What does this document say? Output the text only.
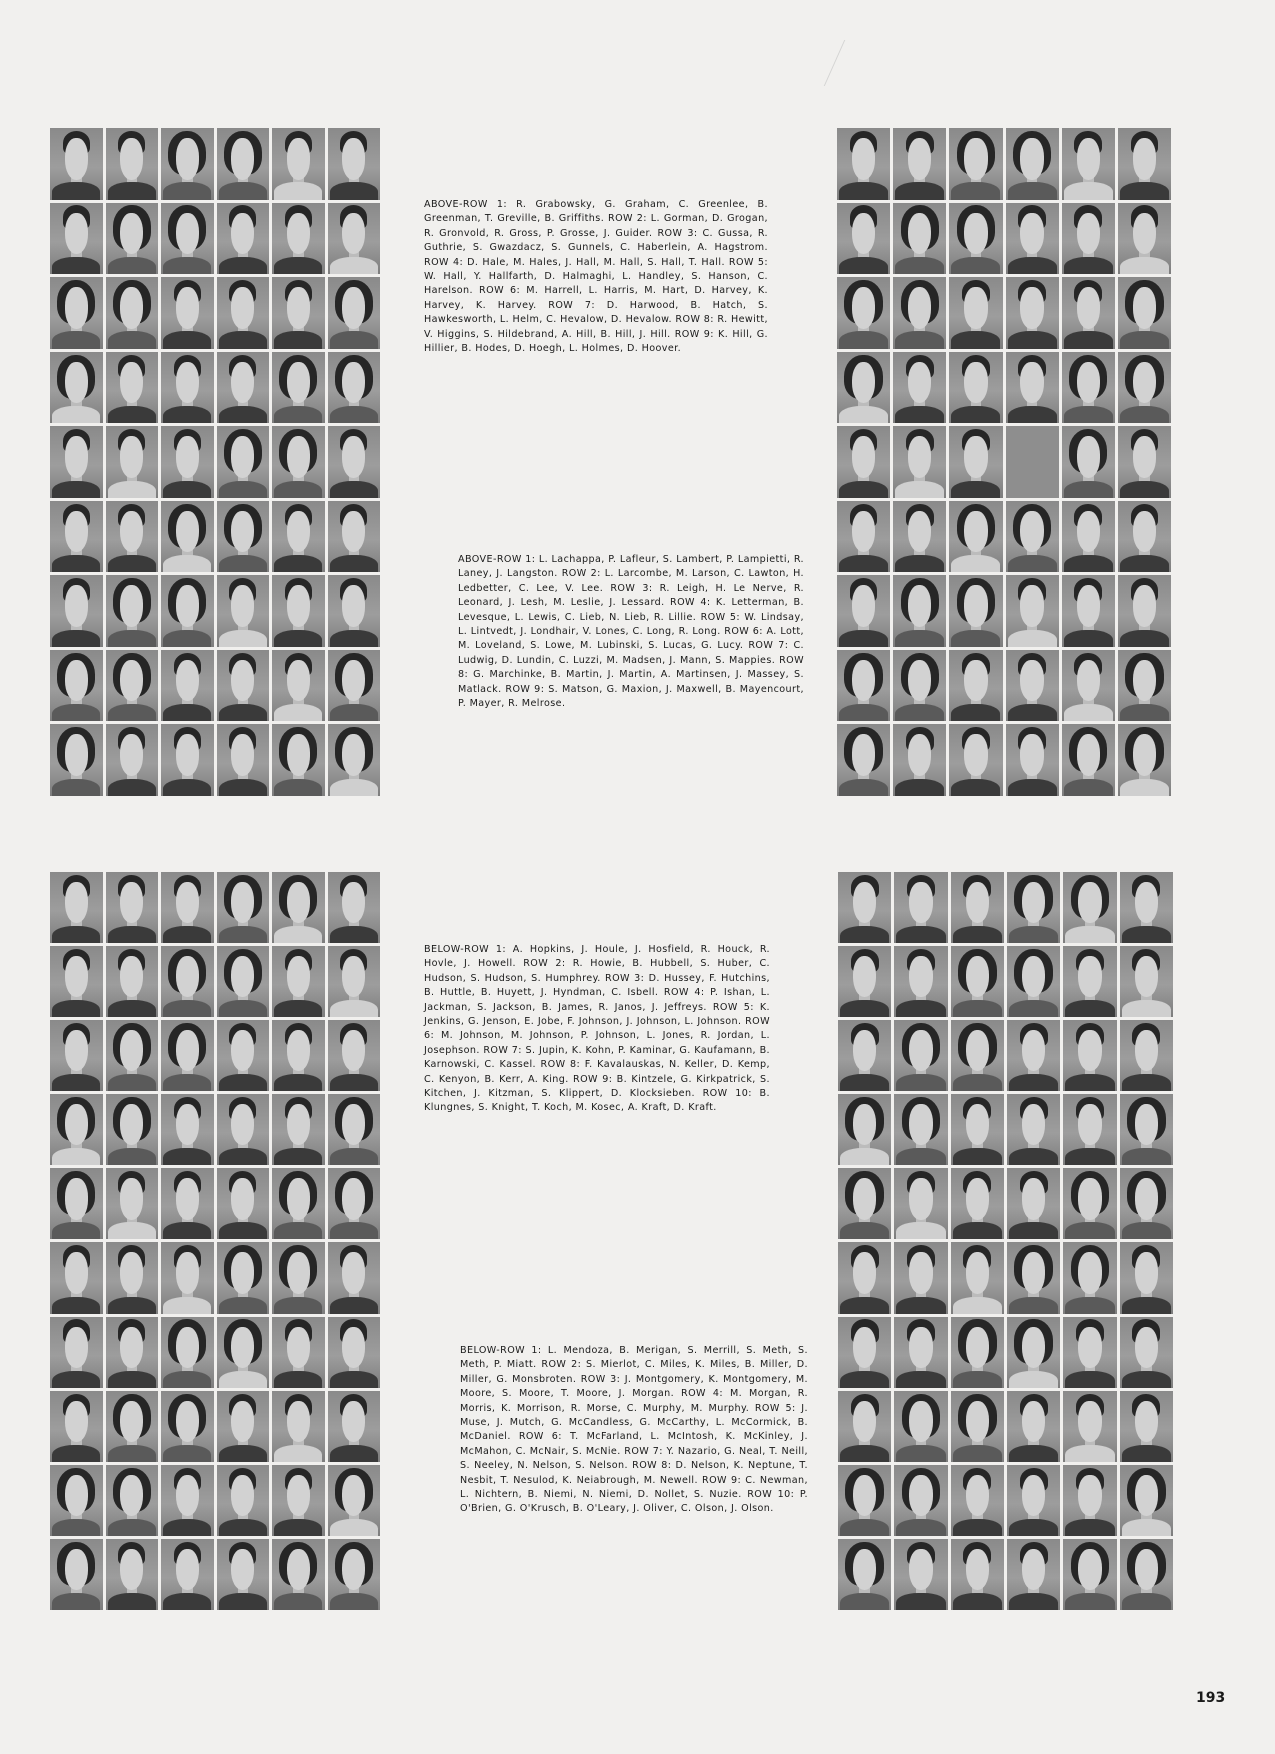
ABOVE-ROW 1: R. Grabowsky, G. Graham, C. Greenlee, B. Greenman, T. Greville, B. Griffiths. ROW 2: L. Gorman, D. Grogan, R. Gronvold, R. Gross, P. Grosse, J. Guider. ROW 3: C. Gussa, R. Guthrie, S. Gwazdacz, S. Gunnels, C. Haberlein, A. Hagstrom. ROW 4: D. Hale, M. Hales, J. Hall, M. Hall, S. Hall, T. Hall. ROW 5: W. Hall, Y. Hallfarth, D. Halmaghi, L. Handley, S. Hanson, C. Harelson. ROW 6: M. Harrell, L. Harris, M. Hart, D. Harvey, K. Harvey, K. Harvey. ROW 7: D. Harwood, B. Hatch, S. Hawkesworth, L. Helm, C. Hevalow, D. Hevalow. ROW 8: R. Hewitt, V. Higgins, S. Hildebrand, A. Hill, B. Hill, J. Hill. ROW 9: K. Hill, G. Hillier, B. Hodes, D. Hoegh, L. Holmes, D. Hoover.

ABOVE-ROW 1: L. Lachappa, P. Lafleur, S. Lambert, P. Lampietti, R. Laney, J. Langston. ROW 2: L. Larcombe, M. Larson, C. Lawton, H. Ledbetter, C. Lee, V. Lee. ROW 3: R. Leigh, H. Le Nerve, R. Leonard, J. Lesh, M. Leslie, J. Lessard. ROW 4: K. Letterman, B. Levesque, L. Lewis, C. Lieb, N. Lieb, R. Lillie. ROW 5: W. Lindsay, L. Lintvedt, J. Londhair, V. Lones, C. Long, R. Long. ROW 6: A. Lott, M. Loveland, S. Lowe, M. Lubinski, S. Lucas, G. Lucy. ROW 7: C. Ludwig, D. Lundin, C. Luzzi, M. Madsen, J. Mann, S. Mappies. ROW 8: G. Marchinke, B. Martin, J. Martin, A. Martinsen, J. Massey, S. Matlack. ROW 9: S. Matson, G. Maxion, J. Maxwell, B. Mayencourt, P. Mayer, R. Melrose.

BELOW-ROW 1: A. Hopkins, J. Houle, J. Hosfield, R. Houck, R. Hovle, J. Howell. ROW 2: R. Howie, B. Hubbell, S. Huber, C. Hudson, S. Hudson, S. Humphrey. ROW 3: D. Hussey, F. Hutchins, B. Huttle, B. Huyett, J. Hyndman, C. Isbell. ROW 4: P. Ishan, L. Jackman, S. Jackson, B. James, R. Janos, J. Jeffreys. ROW 5: K. Jenkins, G. Jenson, E. Jobe, F. Johnson, J. Johnson, L. Johnson. ROW 6: M. Johnson, M. Johnson, P. Johnson, L. Jones, R. Jordan, L. Josephson. ROW 7: S. Jupin, K. Kohn, P. Kaminar, G. Kaufamann, B. Karnowski, C. Kassel. ROW 8: F. Kavalauskas, N. Keller, D. Kemp, C. Kenyon, B. Kerr, A. King. ROW 9: B. Kintzele, G. Kirkpatrick, S. Kitchen, J. Kitzman, S. Klippert, D. Klocksieben. ROW 10: B. Klungnes, S. Knight, T. Koch, M. Kosec, A. Kraft, D. Kraft.

BELOW-ROW 1: L. Mendoza, B. Merigan, S. Merrill, S. Meth, S. Meth, P. Miatt. ROW 2: S. Mierlot, C. Miles, K. Miles, B. Miller, D. Miller, G. Monsbroten. ROW 3: J. Montgomery, K. Montgomery, M. Moore, S. Moore, T. Moore, J. Morgan. ROW 4: M. Morgan, R. Morris, K. Morrison, R. Morse, C. Murphy, M. Murphy. ROW 5: J. Muse, J. Mutch, G. McCandless, G. McCarthy, L. McCormick, B. McDaniel. ROW 6: T. McFarland, L. McIntosh, K. McKinley, J. McMahon, C. McNair, S. McNie. ROW 7: Y. Nazario, G. Neal, T. Neill, S. Neeley, N. Nelson, S. Nelson. ROW 8: D. Nelson, K. Neptune, T. Nesbit, T. Nesulod, K. Neiabrough, M. Newell. ROW 9: C. Newman, L. Nichtern, B. Niemi, N. Niemi, D. Nollet, S. Nuzie. ROW 10: P. O'Brien, G. O'Krusch, B. O'Leary, J. Oliver, C. Olson, J. Olson.

193
